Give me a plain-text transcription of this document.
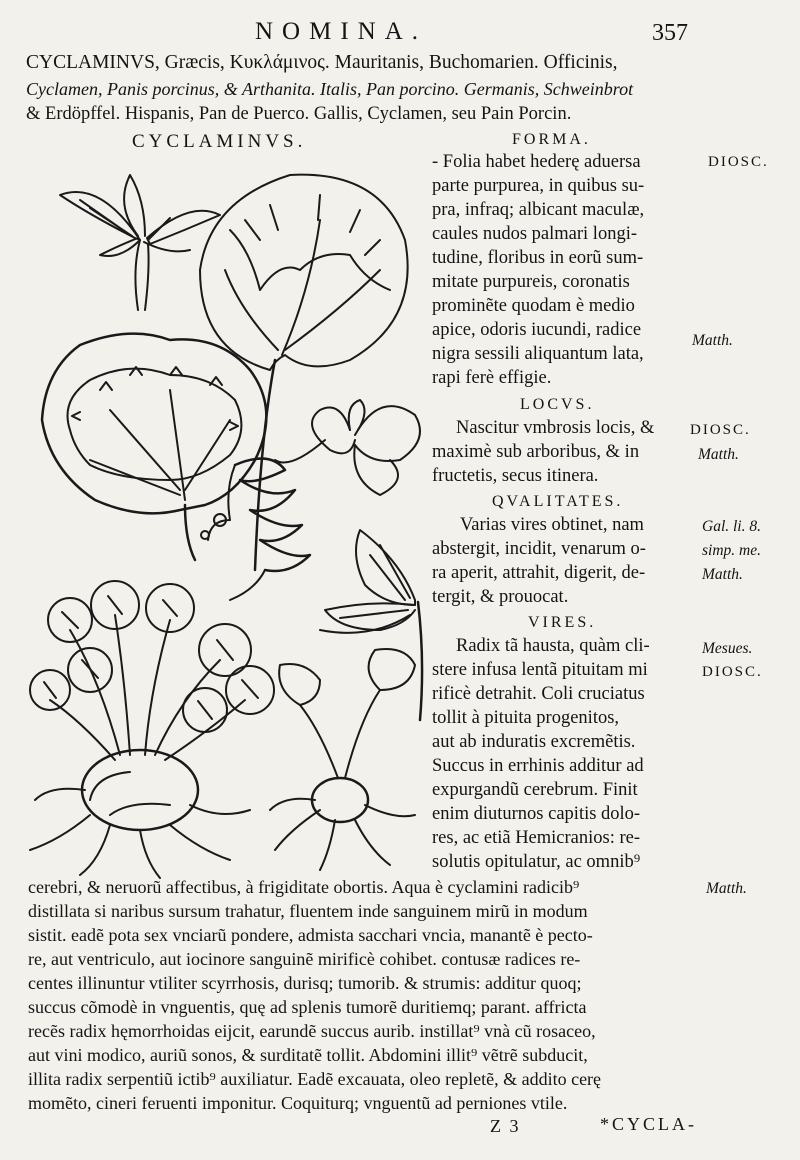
NOMINA.	357
CYCLAMINVS, Græcis, Κυκλάμινος. Mauritanis, Buchomarien. Officinis,
Cyclamen, Panis porcinus, & Arthanita. Italis, Pan porcino. Germanis, Schweinbrot
& Erdöpffel. Hispanis, Pan de Puerco. Gallis, Cyclamen, seu Pain Porcin.
CYCLAMINVS.	FORMA.
- Folia habet hederę aduersa
parte purpurea, in quibus su-
pra, infraq; albicant maculæ,
caules nudos palmari longi-
tudine, floribus in eorũ sum-
mitate purpureis, coronatis
prominẽte quodam è medio
apice, odoris iucundi, radice
nigra sessili aliquantum lata,
rapi ferè effigie.
LOCVS.
Nascitur vmbrosis locis, &
maximè sub arboribus, & in
fructetis, secus itinera.
QVALITATES.
Varias vires obtinet, nam
abstergit, incidit, venarum o-
ra aperit, attrahit, digerit, de-
tergit, & prouocat.
VIRES.
Radix tã hausta, quàm cli-
stere infusa lentã pituitam mi
rificè detrahit. Coli cruciatus
tollit à pituita progenitos,
aut ab induratis excremẽtis.
Succus in errhinis additur ad
expurgandũ cerebrum. Finit
enim diuturnos capitis dolo-
res, ac etiã Hemicranios: re-
solutis opitulatur, ac omnib⁹
DIOSC.
Matth.
DIOSC.
Matth.
Gal. li. 8.
simp. me.
Matth.
Mesues.
DIOSC.
Matth.
cerebri, & neruorũ affectibus, à frigiditate obortis. Aqua è cyclamini radicib⁹
distillata si naribus sursum trahatur, fluentem inde sanguinem mirũ in modum
sistit. eadẽ pota sex vnciarũ pondere, admista sacchari vncia, manantẽ è pecto-
re, aut ventriculo, aut iocinore sanguinẽ mirificè cohibet. contusæ radices re-
centes illinuntur vtiliter scyrrhosis, durisq; tumorib. & strumis: additur quoq;
succus cõmodè in vnguentis, quę ad splenis tumorẽ duritiemq; parant. affricta
recẽs radix hęmorrhoidas eijcit, earundẽ succus aurib. instillat⁹ vnà cũ rosaceo,
aut vini modico, auriũ sonos, & surditatẽ tollit. Abdomini illit⁹ vẽtrẽ subducit,
illita radix serpentiũ ictib⁹ auxiliatur. Eadẽ excauata, oleo repletẽ, & addito cerę
momẽto, cineri feruenti imponitur. Coquiturq; vnguentũ ad perniones vtile.
Z 3	*CYCLA-
